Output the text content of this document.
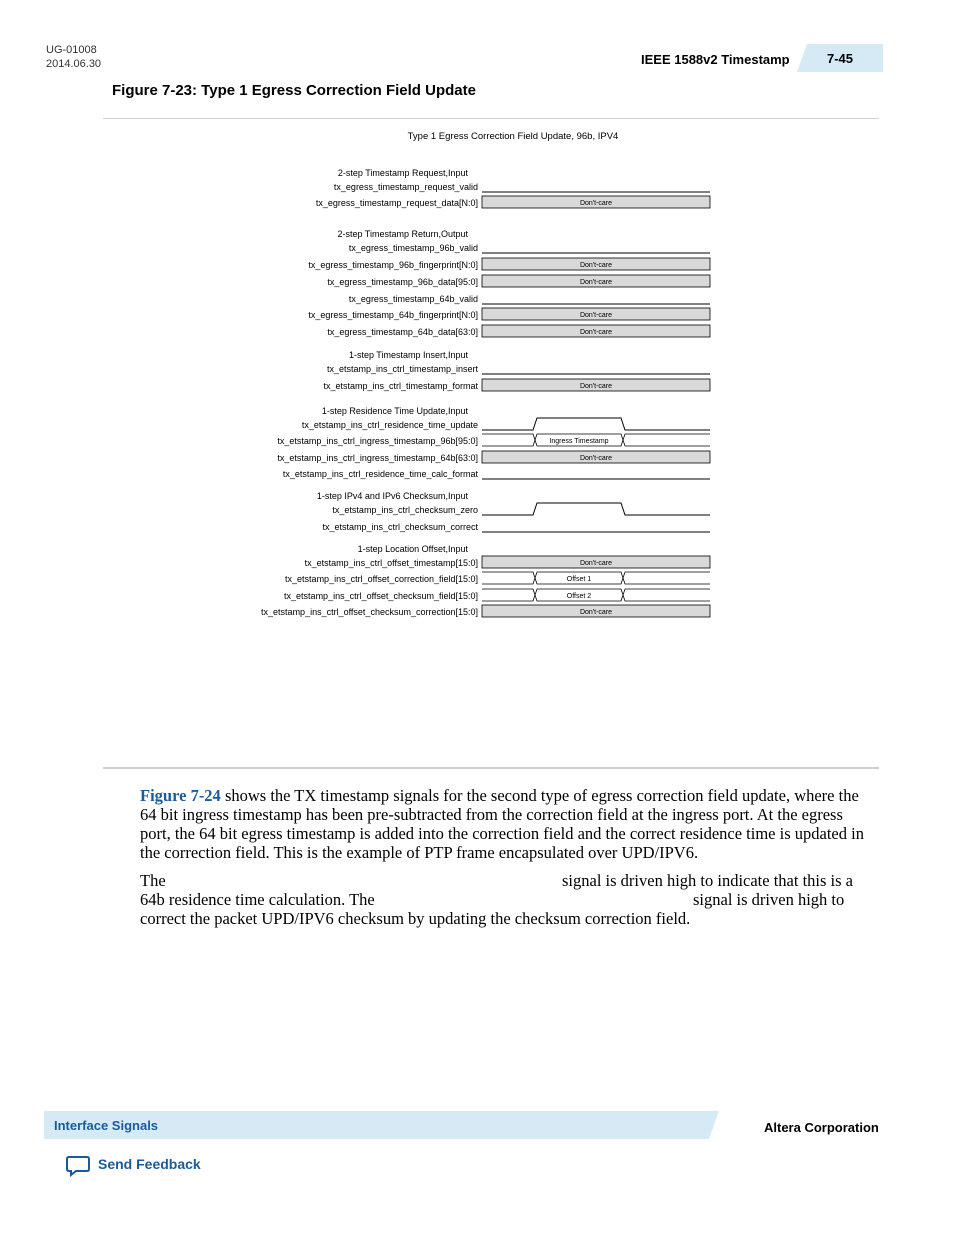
UG-01008
2014.06.30	IEEE 1588v2 Timestamp	7-45
Figure 7-23: Type 1 Egress Correction Field Update
Type 1 Egress Correction Field Update, 96b, IPV4
2-step Timestamp Request,Input
tx_egress_timestamp_request_valid
tx_egress_timestamp_request_data[N:0]	Don't-care
2-step Timestamp Return,Output
tx_egress_timestamp_96b_valid
tx_egress_timestamp_96b_fingerprint[N:0]	Don't-care
tx_egress_timestamp_96b_data[95:0]	Don't-care
tx_egress_timestamp_64b_valid
tx_egress_timestamp_64b_fingerprint[N:0]	Don't-care
tx_egress_timestamp_64b_data[63:0]	Don't-care
1-step Timestamp Insert,Input
tx_etstamp_ins_ctrl_timestamp_insert
tx_etstamp_ins_ctrl_timestamp_format	Don't-care
1-step Residence Time Update,Input
tx_etstamp_ins_ctrl_residence_time_update
tx_etstamp_ins_ctrl_ingress_timestamp_96b[95:0]	Ingress Timestamp
tx_etstamp_ins_ctrl_ingress_timestamp_64b[63:0]	Don't-care
tx_etstamp_ins_ctrl_residence_time_calc_format
1-step IPv4 and IPv6 Checksum,Input
tx_etstamp_ins_ctrl_checksum_zero
tx_etstamp_ins_ctrl_checksum_correct
1-step Location Offset,Input
tx_etstamp_ins_ctrl_offset_timestamp[15:0]	Don't-care
tx_etstamp_ins_ctrl_offset_correction_field[15:0]	Offset 1
tx_etstamp_ins_ctrl_offset_checksum_field[15:0]	Offset 2
tx_etstamp_ins_ctrl_offset_checksum_correction[15:0]	Don't-care
Figure 7-24 shows the TX timestamp signals for the second type of egress correction field update, where the 64 bit ingress timestamp has been pre-subtracted from the correction field at the ingress port. At the egress port, the 64 bit egress timestamp is added into the correction field and the correct residence time is updated in the correction field. This is the example of PTP frame encapsulated over UPD/IPV6.
The	signal is driven high to indicate that this is a
64b residence time calculation. The	signal is driven high to
correct the packet UPD/IPV6 checksum by updating the checksum correction field.
Interface Signals	Altera Corporation
Send Feedback
